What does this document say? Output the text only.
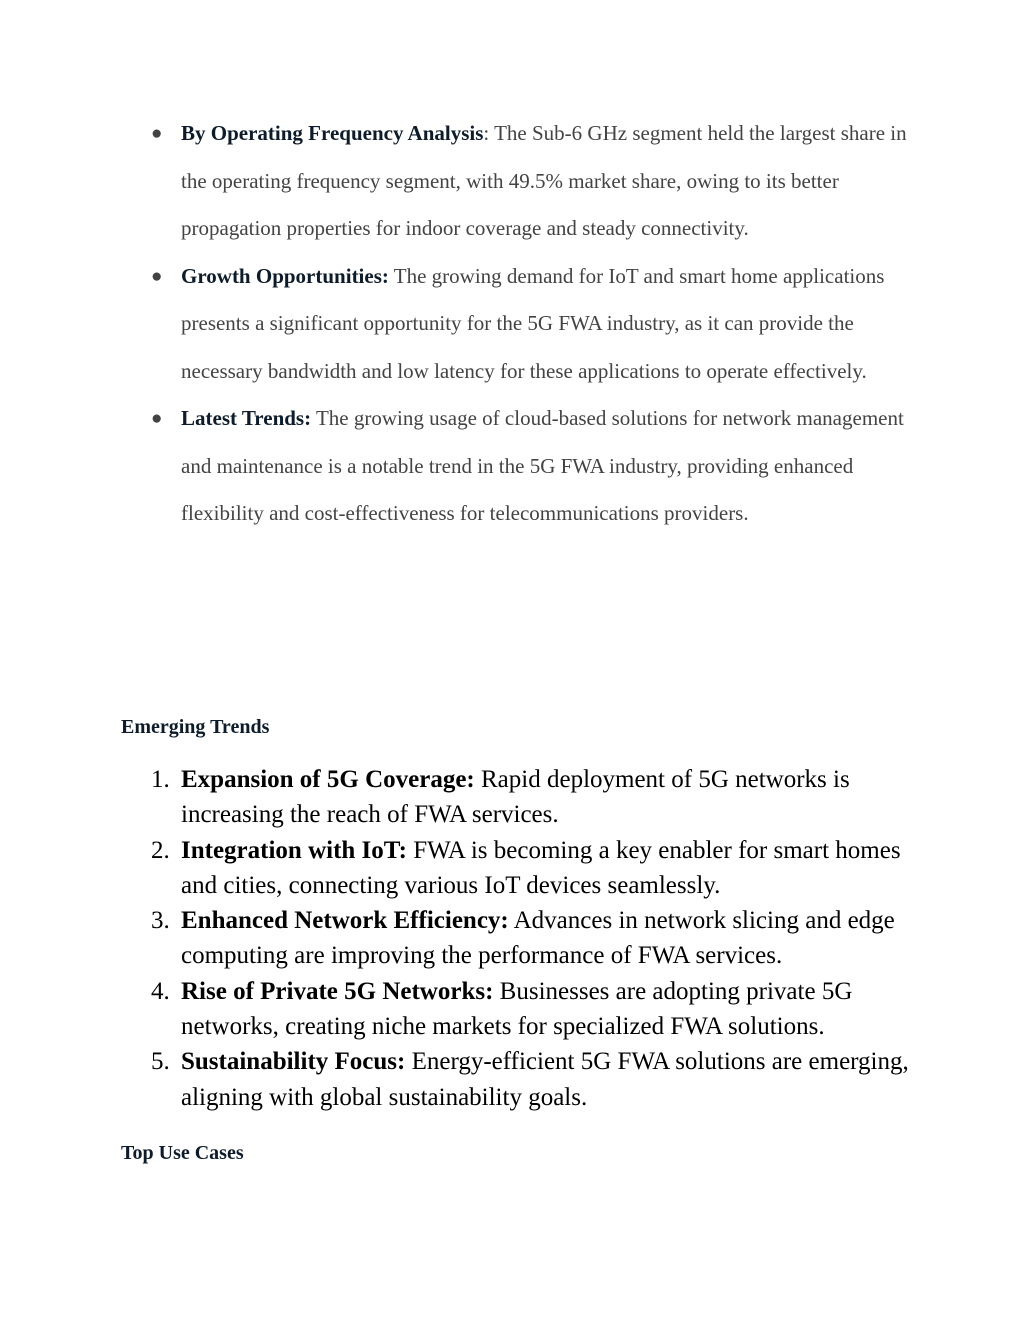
● By Operating Frequency Analysis: The Sub-6 GHz segment held the largest share in the operating frequency segment, with 49.5% market share, owing to its better propagation properties for indoor coverage and steady connectivity.
● Growth Opportunities: The growing demand for IoT and smart home applications presents a significant opportunity for the 5G FWA industry, as it can provide the necessary bandwidth and low latency for these applications to operate effectively.
● Latest Trends: The growing usage of cloud-based solutions for network management and maintenance is a notable trend in the 5G FWA industry, providing enhanced flexibility and cost-effectiveness for telecommunications providers.
Emerging Trends
1. Expansion of 5G Coverage: Rapid deployment of 5G networks is increasing the reach of FWA services.
2. Integration with IoT: FWA is becoming a key enabler for smart homes and cities, connecting various IoT devices seamlessly.
3. Enhanced Network Efficiency: Advances in network slicing and edge computing are improving the performance of FWA services.
4. Rise of Private 5G Networks: Businesses are adopting private 5G networks, creating niche markets for specialized FWA solutions.
5. Sustainability Focus: Energy-efficient 5G FWA solutions are emerging, aligning with global sustainability goals.
Top Use Cases
